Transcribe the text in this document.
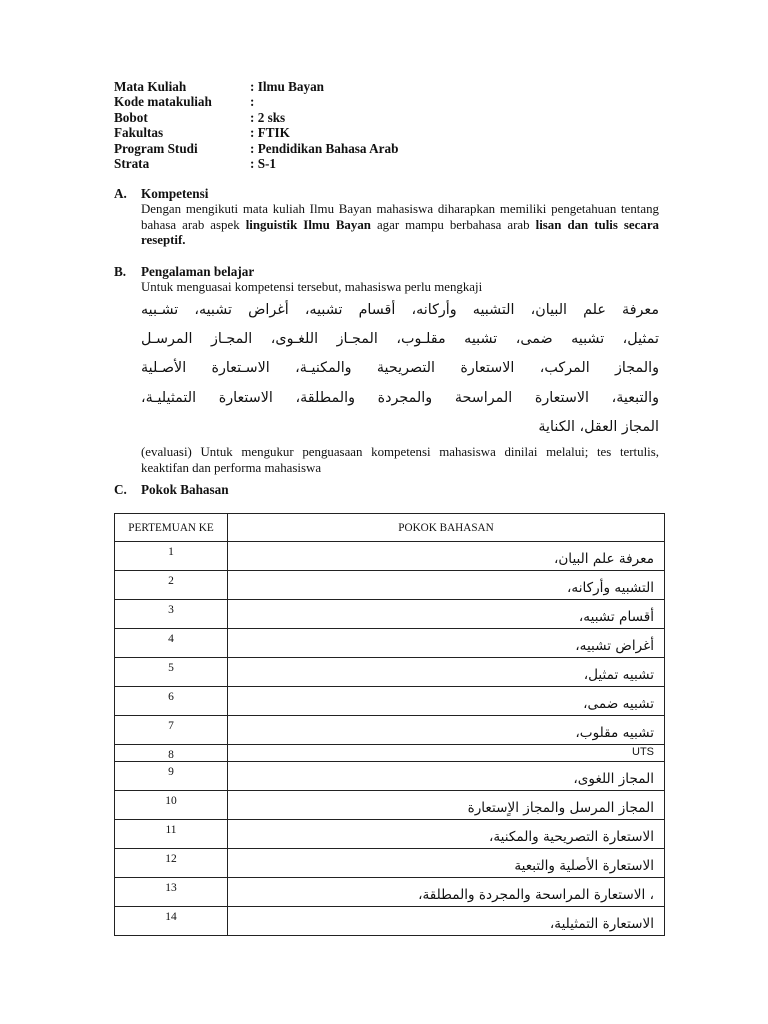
Mata Kuliah	: Ilmu Bayan
Kode matakuliah	:
Bobot	: 2 sks
Fakultas	: FTIK
Program Studi	: Pendidikan Bahasa Arab
Strata	: S-1
A.	Kompetensi
Dengan mengikuti mata kuliah Ilmu Bayan mahasiswa diharapkan memiliki pengetahuan tentang bahasa arab aspek linguistik Ilmu Bayan agar mampu berbahasa arab lisan dan tulis secara reseptif.
B.	Pengalaman belajar
Untuk menguasai kompetensi tersebut, mahasiswa perlu mengkaji
معرفة علم البيان، التشبيه وأركانه، أقسام تشبيه، أغراض تشبيه، تشـبيه
تمثيل، تشبيه ضمى، تشبيه مقلـوب، المجـاز اللغـوى، المجـاز المرسـل
والمجاز المركب، الاستعارة التصريحية والمكنيـة، الاسـتعارة الأصـلية
والتبعية، الاستعارة المراسحة والمجردة والمطلقة، الاستعارة التمثيليـة،
المجاز العقل، الكناية
(evaluasi) Untuk mengukur penguasaan kompetensi mahasiswa dinilai melalui; tes tertulis, keaktifan dan performa mahasiswa
C.	Pokok Bahasan
PERTEMUAN KE	POKOK BAHASAN
1	معرفة علم البيان،
2	التشبيه وأركانه،
3	أقسام تشبيه،
4	أغراض تشبيه،
5	تشبيه تمثيل،
6	تشبيه ضمى،
7	تشبيه مقلوب،
8	UTS
9	المجاز اللغوى،
10	المجاز المرسل والمجاز الاٍستعارة
11	الاستعارة التصريحية والمكنية،
12	الاستعارة الأصلية والتبعية
13	، الاستعارة المراسحة والمجردة والمطلقة،
14	الاستعارة التمثيلية،
